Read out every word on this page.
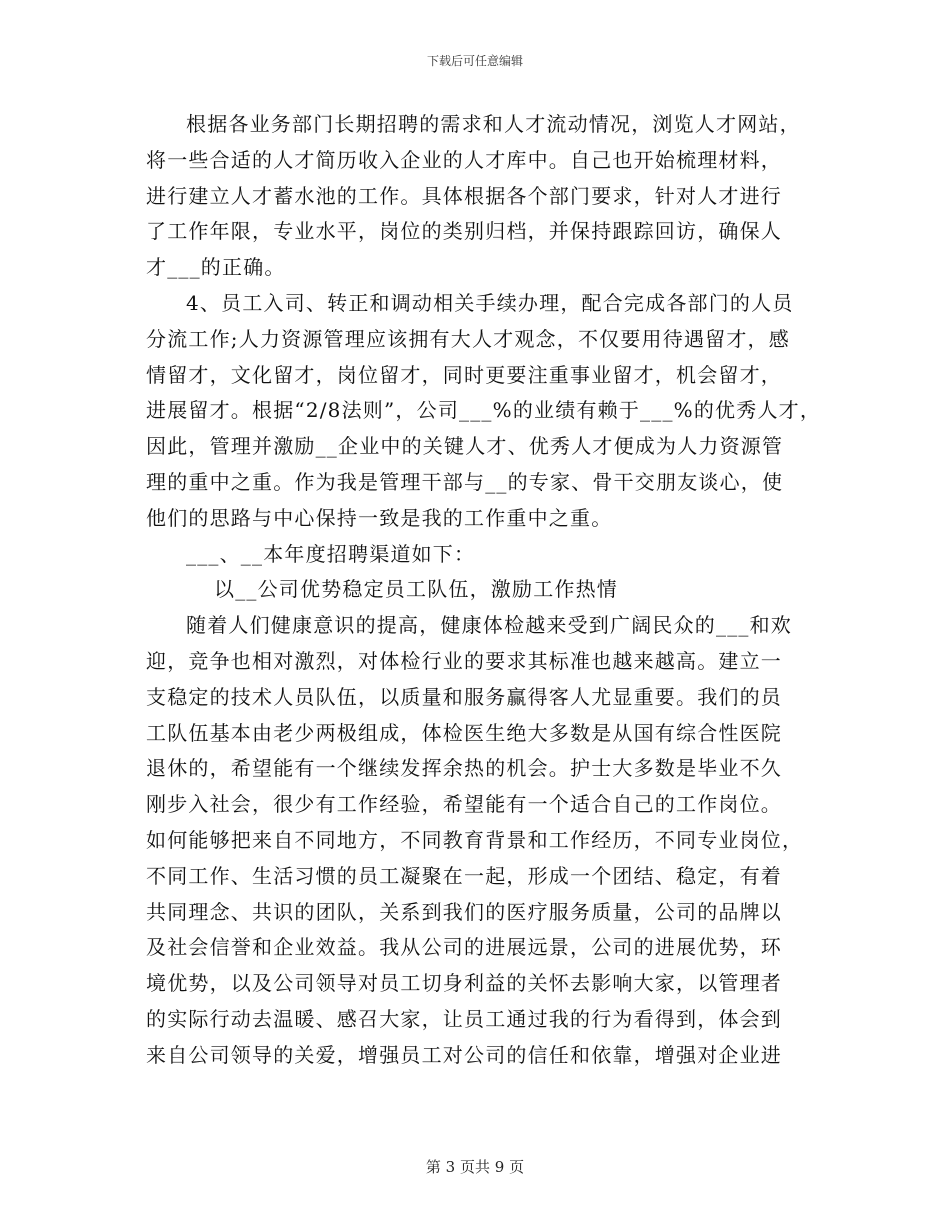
下载后可任意编辑
根据各业务部门长期招聘的需求和人才流动情况，浏览人才网站，
将一些合适的人才简历收入企业的人才库中。自己也开始梳理材料，
进行建立人才蓄水池的工作。具体根据各个部门要求，针对人才进行
了工作年限，专业水平，岗位的类别归档，并保持跟踪回访，确保人
才___的正确。
4、员工入司、转正和调动相关手续办理，配合完成各部门的人员
分流工作;人力资源管理应该拥有大人才观念，不仅要用待遇留才，感
情留才，文化留才，岗位留才，同时更要注重事业留才，机会留才，
进展留才。根据“2/8法则”，公司___%的业绩有赖于___%的优秀人才，
因此，管理并激励__企业中的关键人才、优秀人才便成为人力资源管
理的重中之重。作为我是管理干部与__的专家、骨干交朋友谈心，使
他们的思路与中心保持一致是我的工作重中之重。
___、__本年度招聘渠道如下：
以__公司优势稳定员工队伍，激励工作热情
随着人们健康意识的提高，健康体检越来受到广阔民众的___和欢
迎，竞争也相对激烈，对体检行业的要求其标准也越来越高。建立一
支稳定的技术人员队伍，以质量和服务赢得客人尤显重要。我们的员
工队伍基本由老少两极组成，体检医生绝大多数是从国有综合性医院
退休的，希望能有一个继续发挥余热的机会。护士大多数是毕业不久
刚步入社会，很少有工作经验，希望能有一个适合自己的工作岗位。
如何能够把来自不同地方，不同教育背景和工作经历，不同专业岗位，
不同工作、生活习惯的员工凝聚在一起，形成一个团结、稳定，有着
共同理念、共识的团队，关系到我们的医疗服务质量，公司的品牌以
及社会信誉和企业效益。我从公司的进展远景，公司的进展优势，环
境优势，以及公司领导对员工切身利益的关怀去影响大家，以管理者
的实际行动去温暖、感召大家，让员工通过我的行为看得到，体会到
来自公司领导的关爱，增强员工对公司的信任和依靠，增强对企业进
第 3 页共 9 页
